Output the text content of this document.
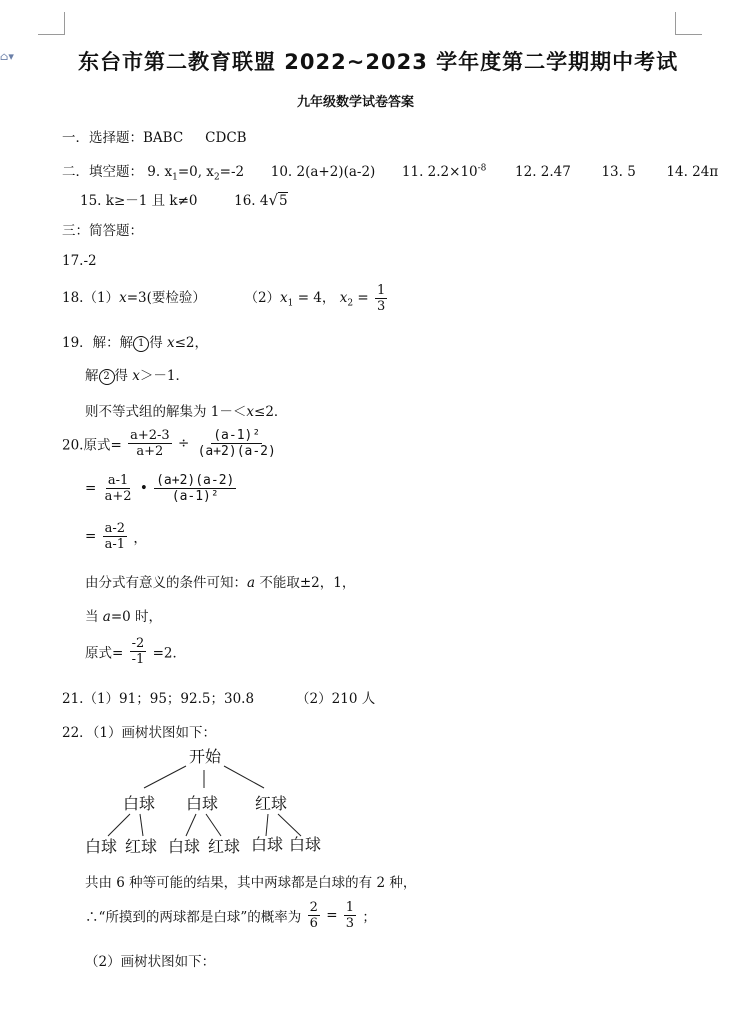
⌂▾	东台市第二教育联盟 2022~2023 学年度第二学期期中考试
九年级数学试卷答案
一．选择题：BABC CDCB
二．填空题： 9. $x_1=0$, $x_2=-2$ 10. 2(a+2)(a-2) 11. $2.2\times 10^{-8}$ 12. 2.47 13. 5 14. 24π
15. k≥－1 且 k≠0	16. 4√5
三：简答题：
17.-2
18.（1）x=3(要检验）	$(2)x_1 = 4$， $x_2 = \frac{1}{3}$
19．解：解 1 得 x≤2，
解 2 得 x＞－1．
则不等式组的解集为 1－＜x≤2．
20.原式= $\frac{a+2-3}{a+2} \div \frac{\text{(a-1)²}}{(a+2)(a-2)}$
= $\frac{a-1}{a+2}$ • $\frac{(a+2)(a-2)}{\text{(a-1)²}}$
= $\frac{a-2}{a-1}$ ，
由分式有意义的条件可知：a 不能取±2，1，
当 a=0 时，
原式= $\frac{-2}{-1} =2$．
21.（1）91；95；92.5；30.8	（2）210 人
22．（1）画树状图如下：
开始
白球 白球 红球
白球 红球 白球 红球 白球 白球
共由 6 种等可能的结果，其中两球都是白球的有 2 种，
∴“所摸到的两球都是白球”的概率为 $\frac{2}{6} = \frac{1}{3}$ ；
（2）画树状图如下：
